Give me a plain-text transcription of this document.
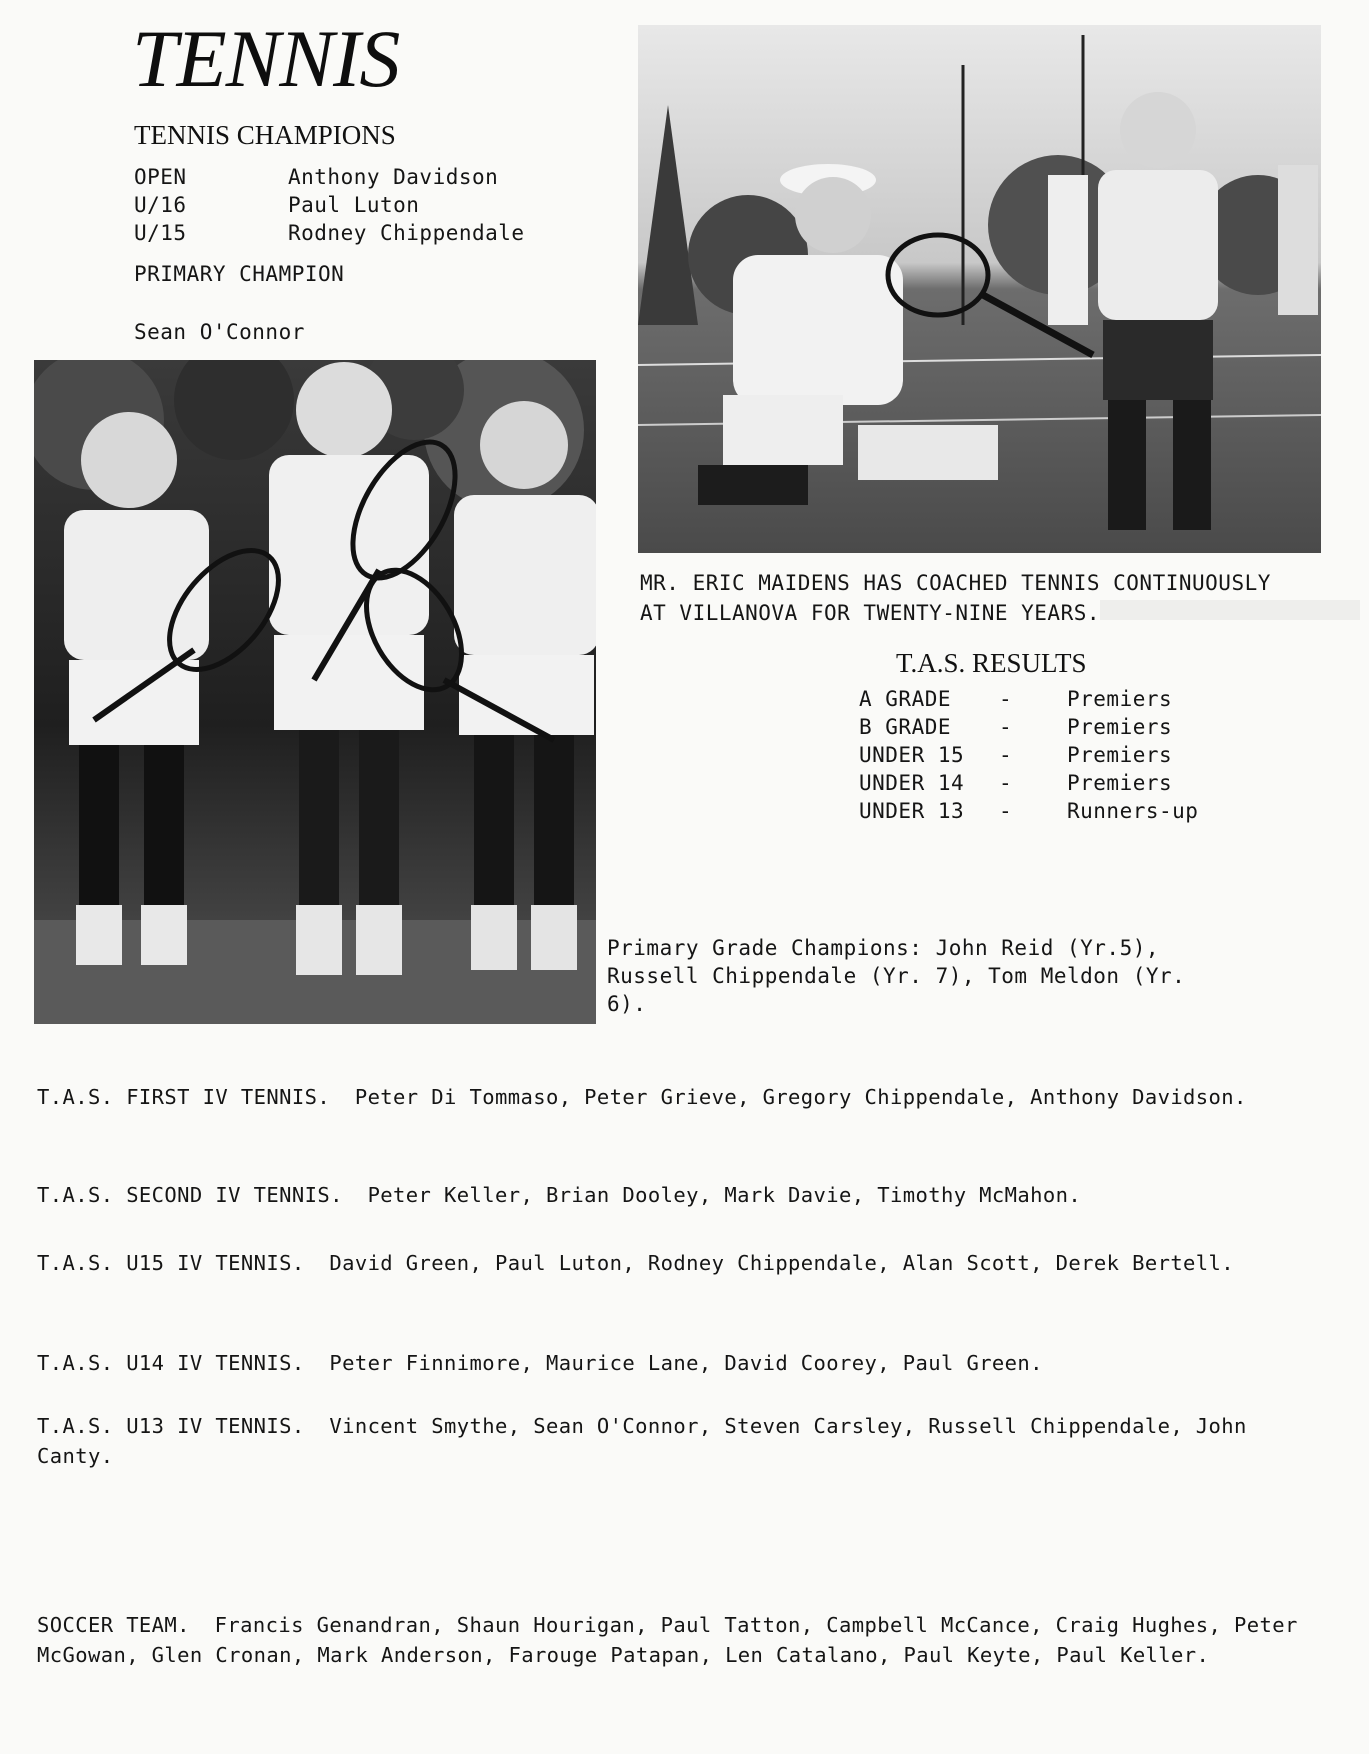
TENNIS
TENNIS CHAMPIONS
OPEN	Anthony Davidson
U/16	Paul Luton
U/15	Rodney Chippendale
PRIMARY CHAMPION
Sean O'Connor
MR. ERIC MAIDENS HAS COACHED TENNIS CONTINUOUSLY
AT VILLANOVA FOR TWENTY-NINE YEARS.
T.A.S. RESULTS
A GRADE	-	Premiers
B GRADE	-	Premiers
UNDER 15	-	Premiers
UNDER 14	-	Premiers
UNDER 13	-	Runners-up
Primary Grade Champions: John Reid (Yr.5),
Russell Chippendale (Yr. 7), Tom Meldon (Yr.
6).
T.A.S. FIRST IV TENNIS. Peter Di Tommaso, Peter Grieve, Gregory Chippendale, Anthony Davidson.
T.A.S. SECOND IV TENNIS. Peter Keller, Brian Dooley, Mark Davie, Timothy McMahon.
T.A.S. U15 IV TENNIS. David Green, Paul Luton, Rodney Chippendale, Alan Scott, Derek Bertell.
T.A.S. U14 IV TENNIS. Peter Finnimore, Maurice Lane, David Coorey, Paul Green.
T.A.S. U13 IV TENNIS. Vincent Smythe, Sean O'Connor, Steven Carsley, Russell Chippendale, John Canty.
SOCCER TEAM. Francis Genandran, Shaun Hourigan, Paul Tatton, Campbell McCance, Craig Hughes, Peter McGowan, Glen Cronan, Mark Anderson, Farouge Patapan, Len Catalano, Paul Keyte, Paul Keller.
